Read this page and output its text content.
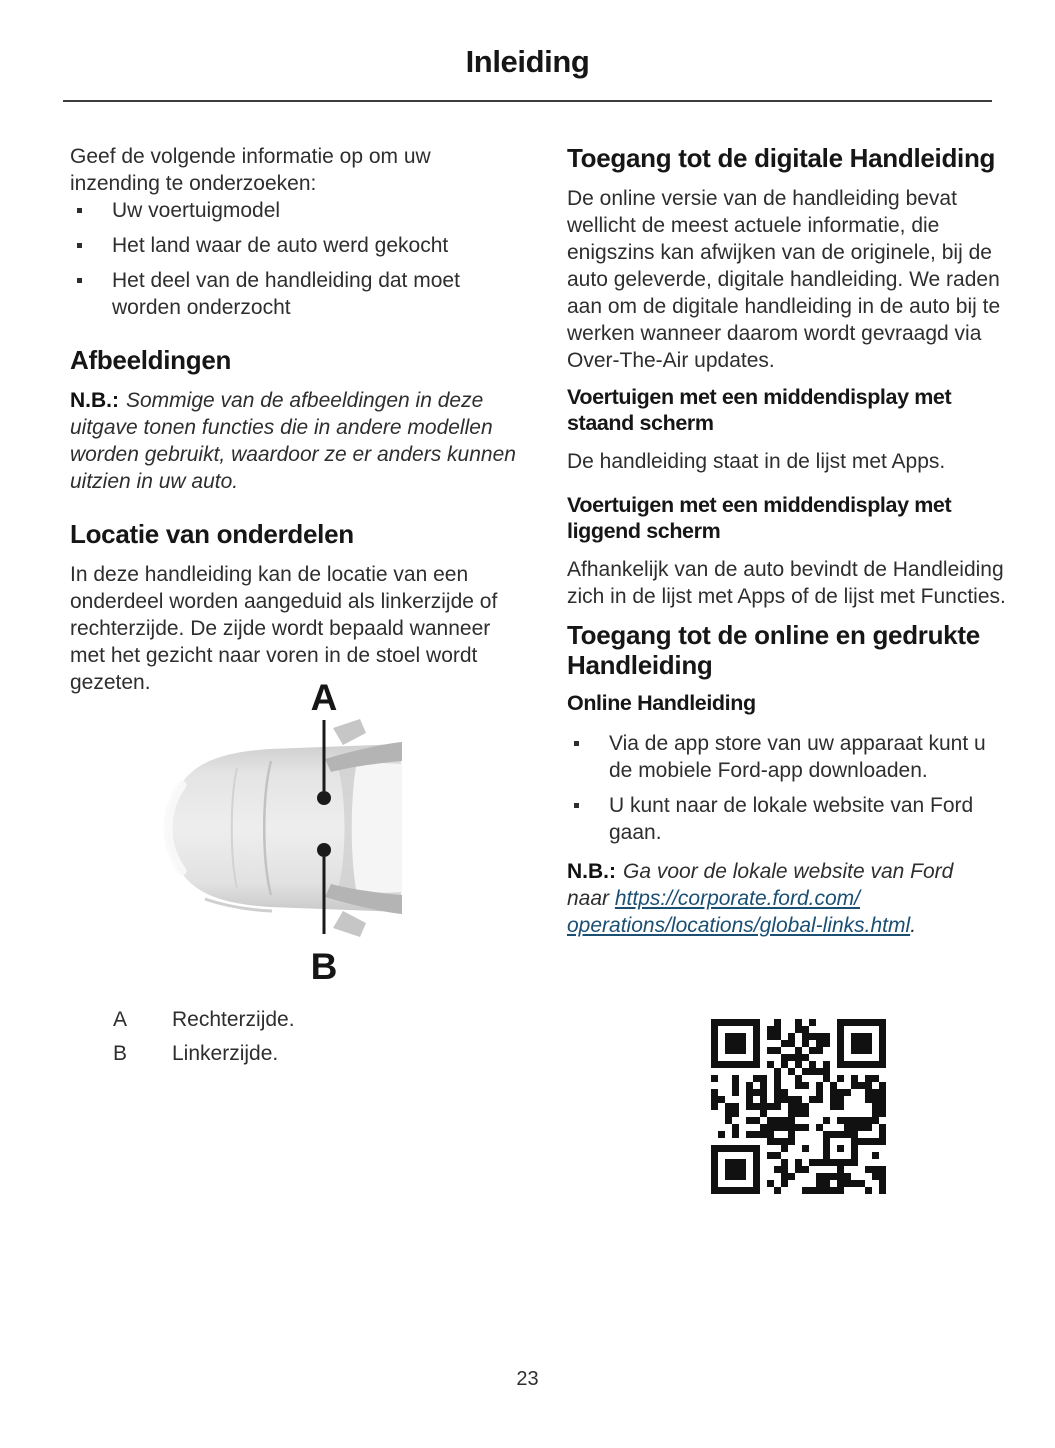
Inleiding

Geef de volgende informatie op om uw inzending te onderzoeken:

Uw voertuigmodel
Het land waar de auto werd gekocht
Het deel van de handleiding dat moet worden onderzocht
Afbeeldingen

N.B.: Sommige van de afbeeldingen in deze uitgave tonen functies die in andere modellen worden gebruikt, waardoor ze er anders kunnen uitzien in uw auto.

Locatie van onderdelen

In deze handleiding kan de locatie van een onderdeel worden aangeduid als linkerzijde of rechterzijde. De zijde wordt bepaald wanneer met het gezicht naar voren in de stoel wordt gezeten.	A
B
A	Rechterzijde.
B	Linkerzijde.
Toegang tot de digitale Handleiding

De online versie van de handleiding bevat wellicht de meest actuele informatie, die enigszins kan afwijken van de originele, bij de auto geleverde, digitale handleiding. We raden aan om de digitale handleiding in de auto bij te werken wanneer daarom wordt gevraagd via Over-The-Air updates.

Voertuigen met een middendisplay met staand scherm

De handleiding staat in de lijst met Apps.

Voertuigen met een middendisplay met liggend scherm

Afhankelijk van de auto bevindt de Handleiding zich in de lijst met Apps of de lijst met Functies.

Toegang tot de online en gedrukte Handleiding
Online Handleiding
Via de app store van uw apparaat kunt u de mobiele Ford-app downloaden.
U kunt naar de lokale website van Ford gaan.

N.B.: Ga voor de lokale website van Ford
naar https://corporate.ford.com/
operations/locations/global-links.html.

23
